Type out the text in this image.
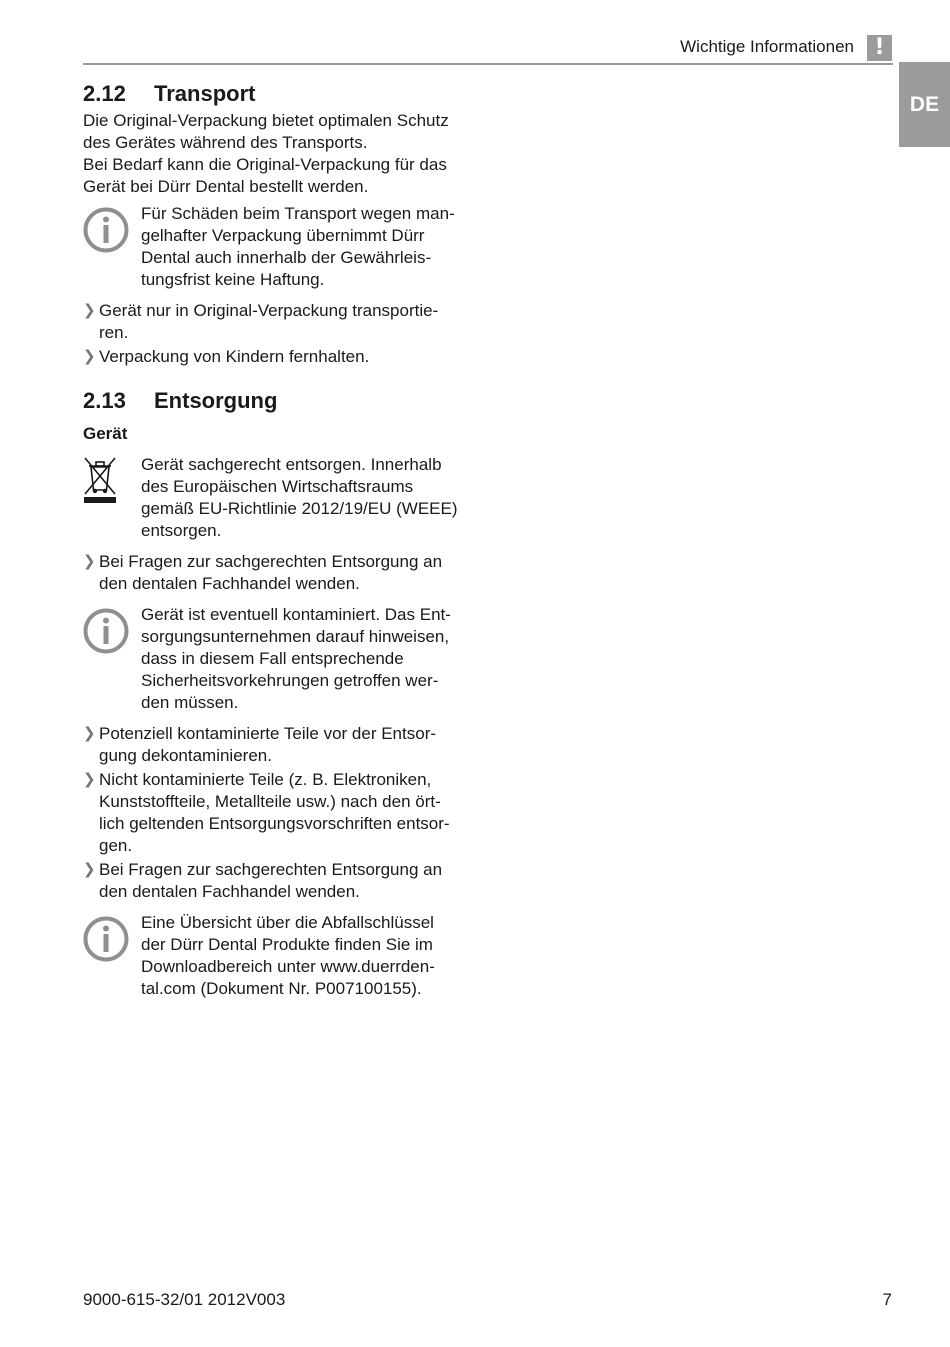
Wichtige Informationen !
DE
2.12	Transport

Die Original-Verpackung bietet optimalen Schutz
des Gerätes während des Transports.
Bei Bedarf kann die Original-Verpackung für das
Gerät bei Dürr Dental bestellt werden.

Für Schäden beim Transport wegen man-
gelhafter Verpackung übernimmt Dürr
Dental auch innerhalb der Gewährleis-
tungsfrist keine Haftung.
❯ Gerät nur in Original-Verpackung transportie-
ren.
❯ Verpackung von Kindern fernhalten.
2.13	Entsorgung
Gerät
Gerät sachgerecht entsorgen. Innerhalb
des Europäischen Wirtschaftsraums
gemäß EU-Richtlinie 2012/19/EU (WEEE)
entsorgen.
❯ Bei Fragen zur sachgerechten Entsorgung an
den dentalen Fachhandel wenden.
Gerät ist eventuell kontaminiert. Das Ent-
sorgungsunternehmen darauf hinweisen,
dass in diesem Fall entsprechende
Sicherheitsvorkehrungen getroffen wer-
den müssen.
❯ Potenziell kontaminierte Teile vor der Entsor-
gung dekontaminieren.
❯ Nicht kontaminierte Teile (z. B. Elektroniken,
Kunststoffteile, Metallteile usw.) nach den ört-
lich geltenden Entsorgungsvorschriften entsor-
gen.
❯ Bei Fragen zur sachgerechten Entsorgung an
den dentalen Fachhandel wenden.
Eine Übersicht über die Abfallschlüssel
der Dürr Dental Produkte finden Sie im
Downloadbereich unter www.duerrden-
tal.com (Dokument Nr. P007100155).
9000-615-32/01 2012V003	7
